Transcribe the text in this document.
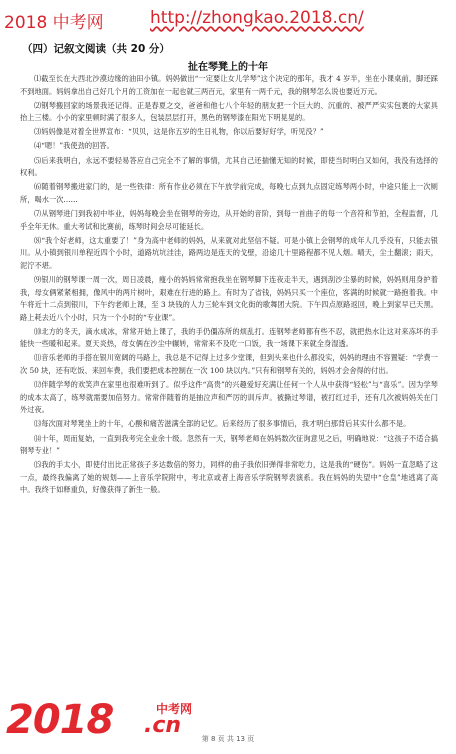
2018 中考网	http://zhongkao.2018.cn/
（四）记叙文阅读（共 20 分）
扯在琴凳上的十年

⑴截至长在大西北沙漠边缘的油田小镇。妈妈做出“一定要让女儿学琴”这个决定的那年，我才 4 岁半，坐在小课桌前，脚还踩不到地面。妈妈拿出自己好几个月的工资加在一起也就三两百元，家里有一两千元，我的钢琴怎么说也要近万元。

⑵钢琴搬回家的场景我还记得。正是春夏之交，爸爸和他七八个年轻的朋友把一个巨大的、沉重的、被严严实实包裹的大家具抬上三楼。小小的家里顿时满了很多人，包装层层打开，黑色的钢琴漆在阳光下明晃晃的。

⑶妈妈像是对着全世界宣布：“贝贝，这是你五岁的生日礼物，你以后要好好学，听见没？”

⑷“嗯！”我使劲的回答。

⑸后来我明白，永远不要轻易答应自己完全不了解的事情，尤其自己还揣懂无知的时候，即使当时明白又如何，我没有选择的权利。

⑹随着钢琴搬进家门的，是一些铁律：所有作业必须在下午放学前完成，每晚七点到九点固定练琴两小时，中途只能上一次厕所，喝水一次……

⑺从钢琴进门到我初中毕业，妈妈每晚会坐在钢琴的旁边，从开始的音阶，到每一首曲子的每一个音符和节拍，全程监督，几乎全年无休。重大考试和比赛前，练琴时间会尽可能延长。

⑻“我个好老师，这太重要了！”身为高中老师的妈妈，从来就对此坚信不疑。可是小镇上会钢琴的成年人几乎没有，只能去银川。从小镇到银川单程近四个小时，道路坑坑洼洼，路两边是连天的戈壁，沿途几十里路程都不见人烟。晴天，尘土翻滚；雨天，泥泞不堪。

⑼银川的钢琴课一周一次，周日凌晨，瘦小的妈妈常常抱我坐在钢琴脚下连夜走半天，遇到刮沙尘暴的时候，妈妈则用身护着我，母女俩紧紧相拥，像风中的两片树叶，艰难在行进的路上。有时为了省钱，妈妈只买一个座位，客满的时候就一路抱着我。中午将近十二点到银川，下午约老师上课，至 3 块钱的人力三轮车到文化街的歌舞团大院。下午四点原路返回，晚上到家早已天黑。路上耗去近八个小时，只为一个小时的“专业课”。

⑽北方的冬天，滴水成冰，常常开始上课了，我的手仍僵冻所的烦乱打。连钢琴老师都有些不忍，就把热水让这对来冻坏的手能快一些暖和起来。夏天炎热，母女俩在沙尘中辗转，常常来不及吃一口饭，我一场课下来就全身湿透。

⑾音乐老师的手搭在银川宽阔的马路上，我总是不记得上过多少堂课，但到头来也什么都没实，妈妈的理由不容置疑：“学费一次 50 块，还有吃饭、来回车费，我们要把成本控制在一次 100 块以内。”只有和钢琴有关的，妈妈才会舍得的付出。

⑿伴随学琴的欢笑声在家里也很难听到了。似乎这件“高贵”的兴趣爱好充满让任何一个人从中获得“轻松”与“喜乐”。因为学琴的成本太高了，练琴就需要加倍努力。常常伴随着的是抽泣声和严厉的训斥声。被撕过琴谱，被打红过手，还有几次被妈妈关在门外过夜。

⒀每次面对琴凳坐上的十年，心酸和痛苦滋满全部的记忆。后来经历了很多事情后，我才明白那背后其实什么都不是。

⒁十年，周而复始，一直到我考完全业余十级。忽然有一天，钢琴老师在妈妈数次征询意见之后，明确地说：“这孩子不适合搞钢琴专业！”

⒂我的手太小，即使付出比正常孩子多达数倍的努力，同样的曲子我依旧弹得非常吃力，这是我的“硬伤”。妈妈一直忽略了这一点，最终我偏离了她的规划——上音乐学院附中，考北京或者上海音乐学院钢琴表演系。我在妈妈的失望中“仓皇”地逃离了高中。我终于如释重负，好像获得了新生一般。

2018	中考网
.cn
第 8 页 共 13 页
